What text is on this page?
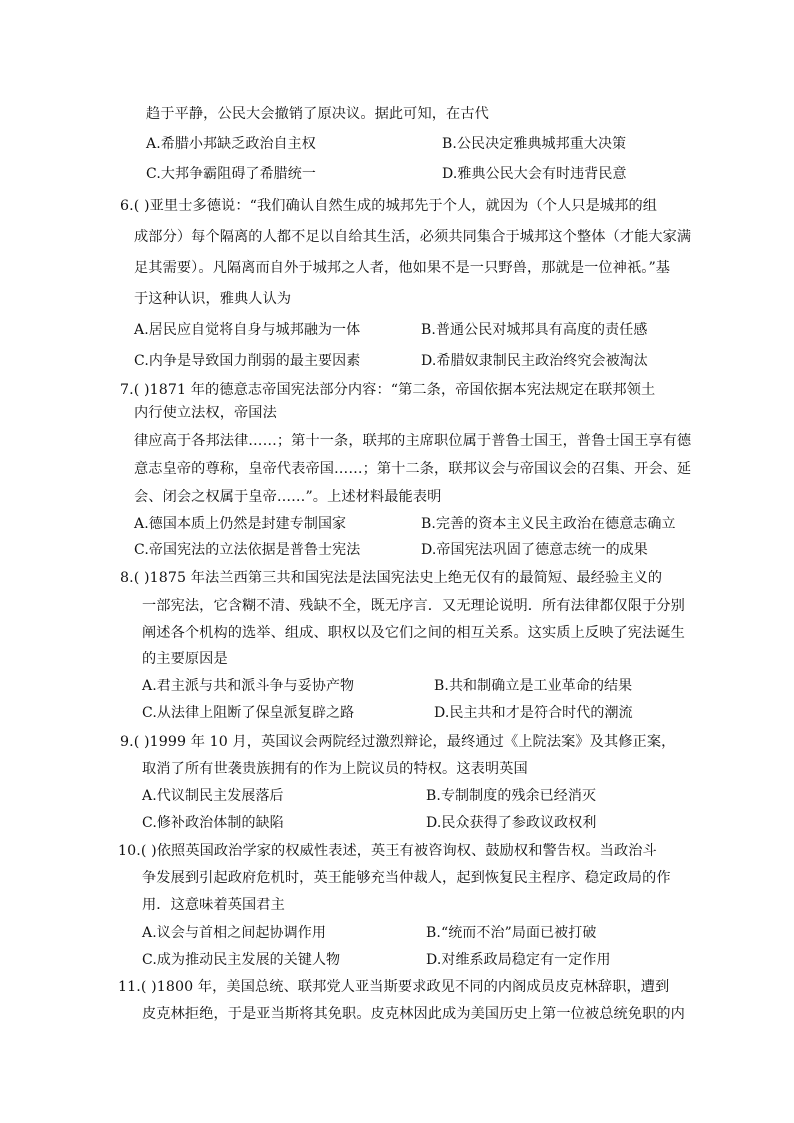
趋于平静，公民大会撤销了原决议。据此可知，在古代
A.希腊小邦缺乏政治自主权	B.公民决定雅典城邦重大决策
C.大邦争霸阻碍了希腊统一	D.雅典公民大会有时违背民意
6.( )亚里士多德说：“我们确认自然生成的城邦先于个人，就因为（个人只是城邦的组
成部分）每个隔离的人都不足以自给其生活，必须共同集合于城邦这个整体（才能大家满
足其需要）。凡隔离而自外于城邦之人者，他如果不是一只野兽，那就是一位神祇。”基
于这种认识，雅典人认为
A.居民应自觉将自身与城邦融为一体	B.普通公民对城邦具有高度的责任感
C.内争是导致国力削弱的最主要因素	D.希腊奴隶制民主政治终究会被淘汰
7.( )1871 年的德意志帝国宪法部分内容：“第二条，帝国依据本宪法规定在联邦领土
内行使立法权，帝国法
律应高于各邦法律……；第十一条，联邦的主席职位属于普鲁士国王，普鲁士国王享有德
意志皇帝的尊称，皇帝代表帝国……；第十二条，联邦议会与帝国议会的召集、开会、延
会、闭会之权属于皇帝……”。上述材料最能表明
A.德国本质上仍然是封建专制国家	B.完善的资本主义民主政治在德意志确立
C.帝国宪法的立法依据是普鲁士宪法	D.帝国宪法巩固了德意志统一的成果
8.( )1875 年法兰西第三共和国宪法是法国宪法史上绝无仅有的最简短、最经验主义的
一部宪法，它含糊不清、残缺不全，既无序言．又无理论说明．所有法律都仅限于分别
阐述各个机构的选举、组成、职权以及它们之间的相互关系。这实质上反映了宪法诞生
的主要原因是
A.君主派与共和派斗争与妥协产物	B.共和制确立是工业革命的结果
C.从法律上阻断了保皇派复辟之路	D.民主共和才是符合时代的潮流
9.( )1999 年 10 月，英国议会两院经过激烈辩论，最终通过《上院法案》及其修正案，
取消了所有世袭贵族拥有的作为上院议员的特权。这表明英国
A.代议制民主发展落后	B.专制制度的残余已经消灭
C.修补政治体制的缺陷	D.民众获得了参政议政权利
10.( )依照英国政治学家的权威性表述，英王有被咨询权、鼓励权和警告权。当政治斗
争发展到引起政府危机时，英王能够充当仲裁人，起到恢复民主程序、稳定政局的作
用．这意味着英国君主
A.议会与首相之间起协调作用	B.“统而不治”局面已被打破
C.成为推动民主发展的关键人物	D.对维系政局稳定有一定作用
11.( )1800 年，美国总统、联邦党人亚当斯要求政见不同的内阁成员皮克林辞职，遭到
皮克林拒绝，于是亚当斯将其免职。皮克林因此成为美国历史上第一位被总统免职的内
